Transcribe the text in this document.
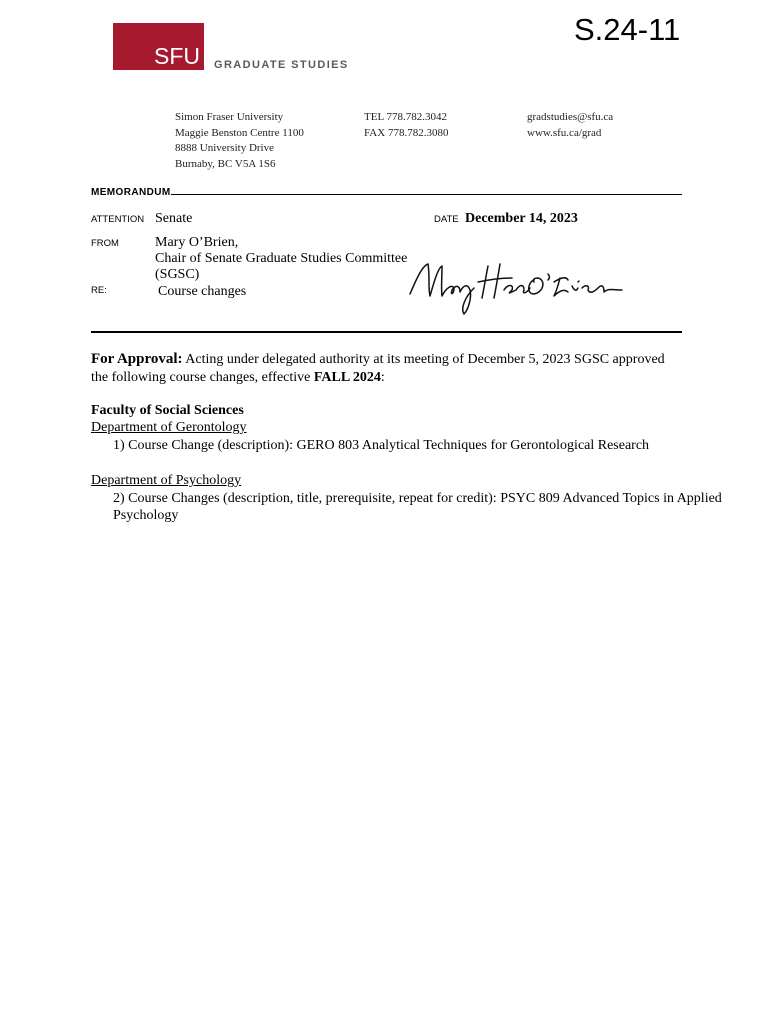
S.24-11
SFU GRADUATE STUDIES
Simon Fraser University
Maggie Benston Centre 1100
8888 University Drive
Burnaby, BC V5A 1S6
TEL 778.782.3042
FAX 778.782.3080
gradstudies@sfu.ca
www.sfu.ca/grad
MEMORANDUM
ATTENTION Senate	DATE December 14, 2023
FROM	Mary O’Brien,
Chair of Senate Graduate Studies Committee
(SGSC)
RE:	Course changes
For Approval: Acting under delegated authority at its meeting of December 5, 2023 SGSC approved
the following course changes, effective FALL 2024:
Faculty of Social Sciences
Department of Gerontology
1) Course Change (description): GERO 803 Analytical Techniques for Gerontological Research
Department of Psychology
2) Course Changes (description, title, prerequisite, repeat for credit): PSYC 809 Advanced Topics in Applied
Psychology
